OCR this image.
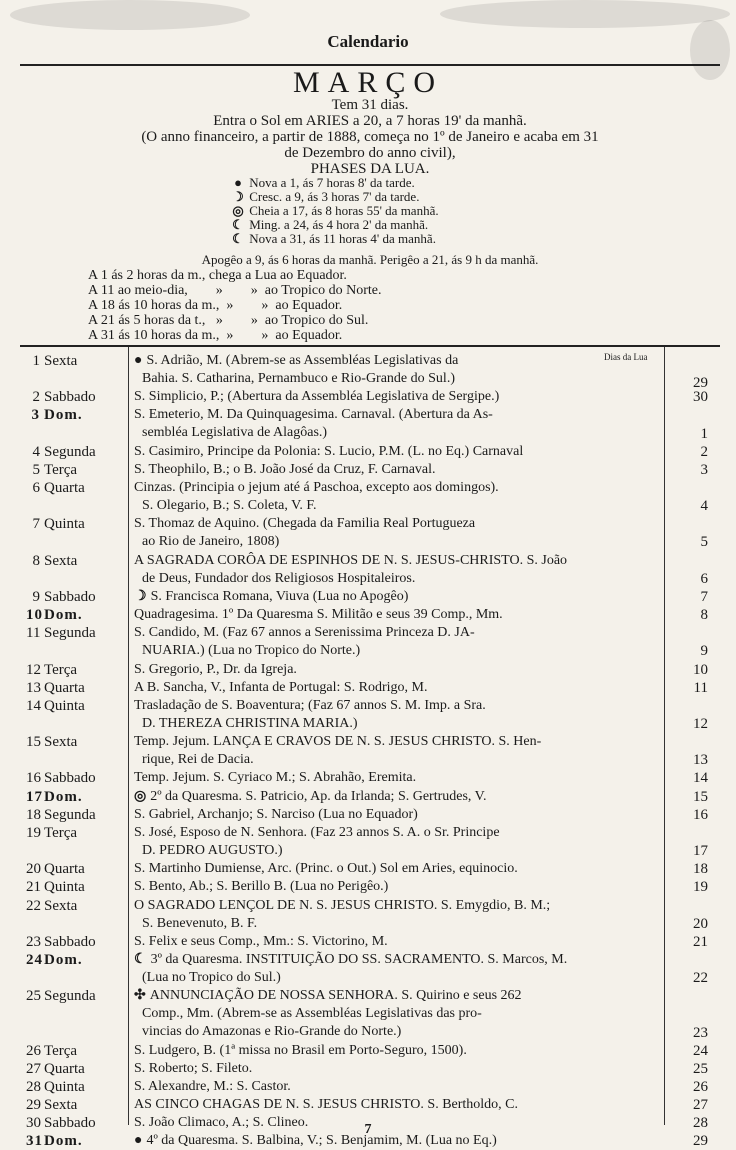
Calendario
MARÇO
Tem 31 dias.
Entra o Sol em ARIES a 20, a 7 horas 19' da manhã.
(O anno financeiro, a partir de 1888, começa no 1º de Janeiro e acaba em 31
de Dezembro do anno civil),
PHASES DA LUA.
● Nova a 1, ás 7 horas 8' da tarde.
☽ Cresc. a 9, ás 3 horas 7' da tarde.
◎ Cheia a 17, ás 8 horas 55' da manhã.
☾ Ming. a 24, ás 4 hora 2' da manhã.
☾ Nova a 31, ás 11 horas 4' da manhã.
Apogêo a 9, ás 6 horas da manhã. Perigêo a 21, ás 9 h da manhã.
A 1 ás 2 horas da m., chega a Lua ao Equador.
A 11 ao meio-dia,        »        »  ao Tropico do Norte.
A 18 ás 10 horas da m.,  »        »  ao Equador.
A 21 ás 5 horas da t.,   »        »  ao Tropico do Sul.
A 31 ás 10 horas da m.,  »        »  ao Equador.
Dias da Lua
1 Sexta	● S. Adrião, M. (Abrem-se as Assembléas Legislativas da
Bahia. S. Catharina, Pernambuco e Rio-Grande do Sul.)	29
2 Sabbado	S. Simplicio, P.; (Abertura da Assembléa Legislativa de Sergipe.)	30
3 Dom.	S. Emeterio, M. Da Quinquagesima. Carnaval. (Abertura da As-
sembléa Legislativa de Alagôas.)	1
4 Segunda	S. Casimiro, Principe da Polonia: S. Lucio, P.M. (L. no Eq.) Carnaval	2
5 Terça	S. Theophilo, B.; o B. João José da Cruz, F. Carnaval.	3
6 Quarta	Cinzas. (Principia o jejum até á Paschoa, excepto aos domingos).
S. Olegario, B.; S. Coleta, V. F.	4
7 Quinta	S. Thomaz de Aquino. (Chegada da Familia Real Portugueza
ao Rio de Janeiro, 1808)	5
8 Sexta	A SAGRADA CORÔA DE ESPINHOS DE N. S. JESUS-CHRISTO. S. João
de Deus, Fundador dos Religiosos Hospitaleiros.	6
9 Sabbado	☽ S. Francisca Romana, Viuva (Lua no Apogêo)	7
10Dom.	Quadragesima. 1º Da Quaresma S. Militão e seus 39 Comp., Mm.	8
11 Segunda	S. Candido, M. (Faz 67 annos a Serenissima Princeza D. JA-
NUARIA.) (Lua no Tropico do Norte.)	9
12 Terça	S. Gregorio, P., Dr. da Igreja.	10
13 Quarta	A B. Sancha, V., Infanta de Portugal: S. Rodrigo, M.	11
14 Quinta	Trasladação de S. Boaventura; (Faz 67 annos S. M. Imp. a Sra.
D. THEREZA CHRISTINA MARIA.)	12
15 Sexta	Temp. Jejum. LANÇA E CRAVOS DE N. S. JESUS CHRISTO. S. Hen-
rique, Rei de Dacia.	13
16 Sabbado	Temp. Jejum. S. Cyriaco M.; S. Abrahão, Eremita.	14
17Dom.	◎ 2º da Quaresma. S. Patricio, Ap. da Irlanda; S. Gertrudes, V.	15
18 Segunda	S. Gabriel, Archanjo; S. Narciso (Lua no Equador)	16
19 Terça	S. José, Esposo de N. Senhora. (Faz 23 annos S. A. o Sr. Principe
D. PEDRO AUGUSTO.)	17
20 Quarta	S. Martinho Dumiense, Arc. (Princ. o Out.) Sol em Aries, equinocio.	18
21 Quinta	S. Bento, Ab.; S. Berillo B. (Lua no Perigêo.)	19
22 Sexta	O SAGRADO LENÇOL DE N. S. JESUS CHRISTO. S. Emygdio, B. M.;
S. Benevenuto, B. F.	20
23 Sabbado	S. Felix e seus Comp., Mm.: S. Victorino, M.	21
24Dom.	☾ 3º da Quaresma. INSTITUIÇÃO DO SS. SACRAMENTO. S. Marcos, M.
(Lua no Tropico do Sul.)	22
25 Segunda	✣ ANNUNCIAÇÃO DE NOSSA SENHORA. S. Quirino e seus 262
Comp., Mm. (Abrem-se as Assembléas Legislativas das pro-
vincias do Amazonas e Rio-Grande do Norte.)	23
26 Terça	S. Ludgero, B. (1ª missa no Brasil em Porto-Seguro, 1500).	24
27 Quarta	S. Roberto; S. Fileto.	25
28 Quinta	S. Alexandre, M.: S. Castor.	26
29 Sexta	AS CINCO CHAGAS DE N. S. JESUS CHRISTO. S. Bertholdo, C.	27
30 Sabbado	S. João Climaco, A.; S. Clineo.	28
31Dom.	● 4º da Quaresma. S. Balbina, V.; S. Benjamim, M. (Lua no Eq.)	29
7
